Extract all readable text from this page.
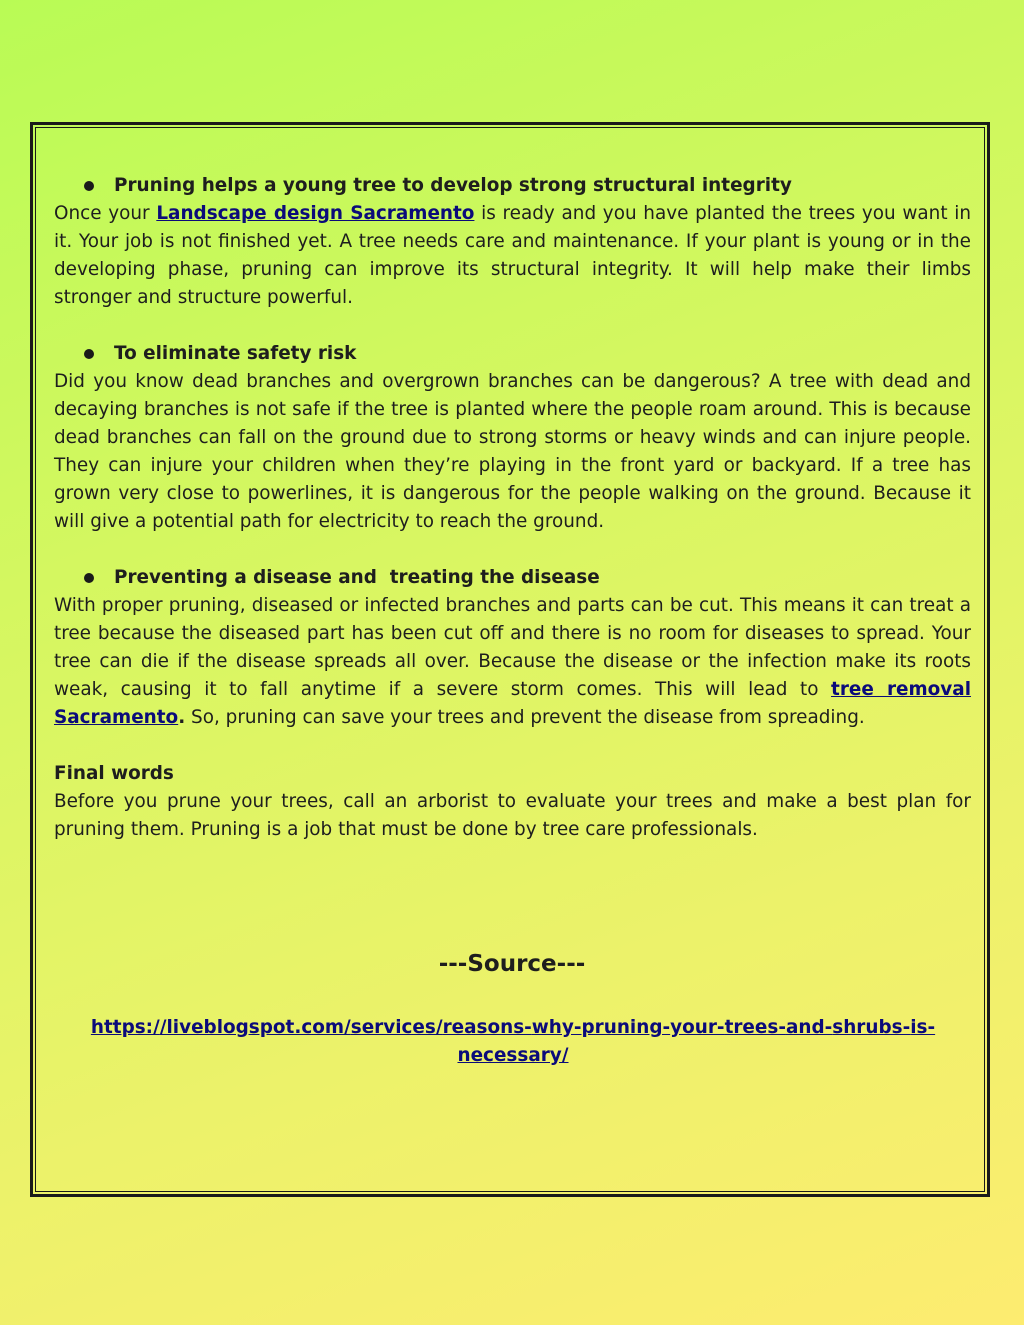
Pruning helps a young tree to develop strong structural integrity

Once your Landscape design Sacramento is ready and you have planted the trees you want in it. Your job is not finished yet. A tree needs care and maintenance. If your plant is young or in the developing phase, pruning can improve its structural integrity. It will help make their limbs stronger and structure powerful.

To eliminate safety risk

Did you know dead branches and overgrown branches can be dangerous? A tree with dead and decaying branches is not safe if the tree is planted where the people roam around. This is because dead branches can fall on the ground due to strong storms or heavy winds and can injure people. They can injure your children when they’re playing in the front yard or backyard. If a tree has grown very close to powerlines, it is dangerous for the people walking on the ground. Because it will give a potential path for electricity to reach the ground.

Preventing a disease and  treating the disease

With proper pruning, diseased or infected branches and parts can be cut. This means it can treat a tree because the diseased part has been cut off and there is no room for diseases to spread. Your tree can die if the disease spreads all over. Because the disease or the infection make its roots weak, causing it to fall anytime if a severe storm comes. This will lead to tree removal Sacramento. So, pruning can save your trees and prevent the disease from spreading.

Final words

Before you prune your trees, call an arborist to evaluate your trees and make a best plan for pruning them. Pruning is a job that must be done by tree care professionals.

---Source---
https://liveblogspot.com/services/reasons-why-pruning-your-trees-and-shrubs-is-necessary/
